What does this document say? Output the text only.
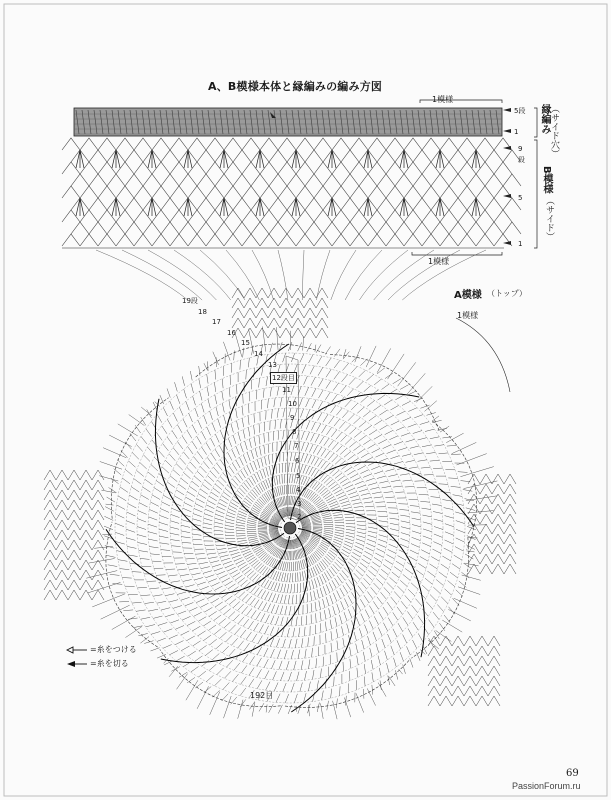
A、B模様本体と縁編みの編み方図
1模様
1模様
5段
1
9
段
5
1
（サイド穴）
縁編み
B模様
（サイド）
A模様 （トップ）
1模様
19段
18
17
16
15
14
13
12段目
11
10
9
8
7
6
5
4
3
2
192目
=糸をつける
=糸を切る
69
PassionForum.ru
